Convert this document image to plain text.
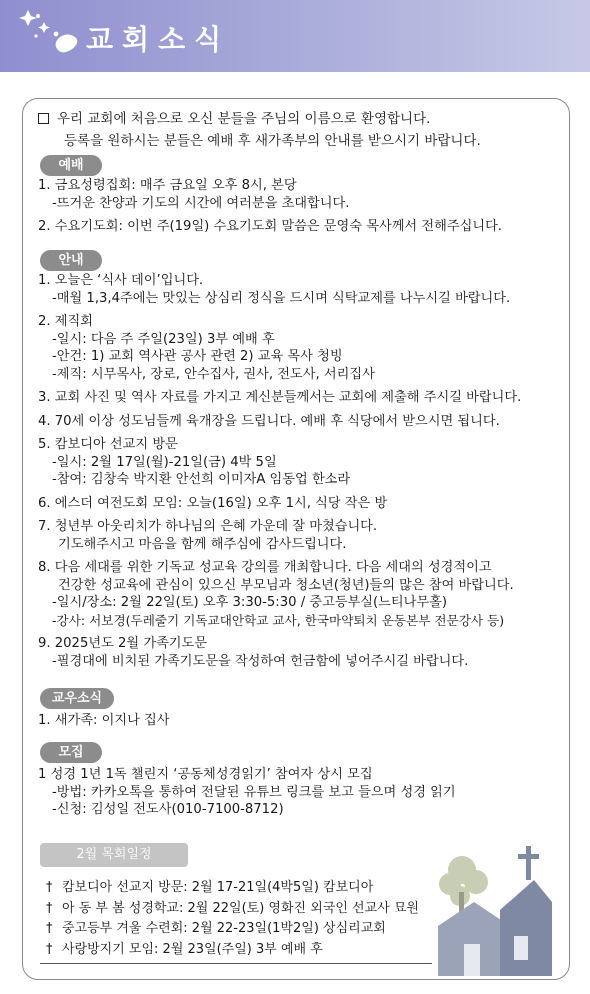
교회소식
우리 교회에 처음으로 오신 분들을 주님의 이름으로 환영합니다.
등록을 원하시는 분들은 예배 후 새가족부의 안내를 받으시기 바랍니다.
예배
1. 금요성령집회: 매주 금요일 오후 8시, 본당
-뜨거운 찬양과 기도의 시간에 여러분을 초대합니다.
2. 수요기도회: 이번 주(19일) 수요기도회 말씀은 문영숙 목사께서 전해주십니다.
안내
1. 오늘은 ‘식사 데이’입니다.
-매월 1,3,4주에는 맛있는 상심리 정식을 드시며 식탁교제를 나누시길 바랍니다.
2. 제직회
-일시: 다음 주 주일(23일) 3부 예배 후
-안건: 1) 교회 역사관 공사 관련 2) 교육 목사 청빙
-제직: 시무목사, 장로, 안수집사, 권사, 전도사, 서리집사
3. 교회 사진 및 역사 자료를 가지고 계신분들께서는 교회에 제출해 주시길 바랍니다.
4. 70세 이상 성도님들께 육개장을 드립니다. 예배 후 식당에서 받으시면 됩니다.
5. 캄보디아 선교지 방문
-일시: 2월 17일(월)-21일(금) 4박 5일
-참여: 김창숙 박지환 안선희 이미자A 임동업 한소라
6. 에스더 여전도회 모임: 오늘(16일) 오후 1시, 식당 작은 방
7. 청년부 아웃리치가 하나님의 은혜 가운데 잘 마쳤습니다.
기도해주시고 마음을 함께 해주심에 감사드립니다.
8. 다음 세대를 위한 기독교 성교육 강의를 개최합니다. 다음 세대의 성경적이고
건강한 성교육에 관심이 있으신 부모님과 청소년(청년)들의 많은 참여 바랍니다.
-일시/장소: 2월 22일(토) 오후 3:30-5:30 / 중고등부실(느티나무홀)
-강사: 서보경(두레줄기 기독교대안학교 교사, 한국마약퇴치 운동본부 전문강사 등)
9. 2025년도 2월 가족기도문
-필경대에 비치된 가족기도문을 작성하여 헌금함에 넣어주시길 바랍니다.
교우소식
1. 새가족: 이지나 집사
모집
1 성경 1년 1독 챌린지 ‘공동체성경읽기’ 참여자 상시 모집
-방법: 카카오톡을 통하여 전달된 유튜브 링크를 보고 들으며 성경 읽기
-신청: 김성일 전도사(010-7100-8712)
2월 목회일정
† 캄보디아 선교지 방문: 2월 17-21일(4박5일) 캄보디아
† 아 동 부 봄 성경학교: 2월 22일(토) 영화진 외국인 선교사 묘원
† 중고등부 겨울 수련회: 2월 22-23일(1박2일) 상심리교회
† 사랑방지기 모임: 2월 23일(주일) 3부 예배 후
